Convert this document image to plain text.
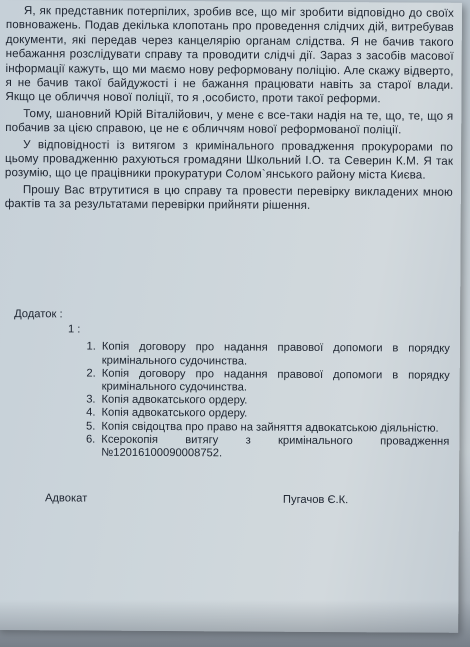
Я, як представник потерпілих, зробив все, що міг зробити відповідно до своїх повноважень. Подав декілька клопотань про проведення слідчих дій, витребував документи, які передав через канцелярію органам слідства. Я не бачив такого небажання розслідувати справу та проводити слідчі дії. Зараз з засобів масової інформації кажуть, що ми маємо нову реформовану поліцію. Але скажу відверто, я не бачив такої байдужості і не бажання працювати навіть за старої влади. Якщо це обличчя нової поліції, то я ,особисто, проти такої реформи.

Тому, шановний Юрій Віталійович, у мене є все-таки надія на те, що, те, що я побачив за цією справою, це не є обличчям нової реформованої поліції.

У відповідності із витягом з кримінального провадження прокурорами по цьому провадженню рахуються громадяни Школьний І.О. та Северин К.М. Я так розумію, що це працівники прокуратури Солом`янського району міста Києва.

Прошу Вас втрутитися в цю справу та провести перевірку викладених мною фактів та за результатами перевірки прийняти рішення.

Додаток :
1 :
1. Копія договору про надання правової допомоги в порядку кримінального судочинства.
2. Копія договору про надання правової допомоги в порядку кримінального судочинства.
3. Копія адвокатського ордеру.
4. Копія адвокатського ордеру.
5. Копія свідоцтва про право на зайняття адвокатською діяльністю.
6. Ксерокопія витягу з кримінального провадження №12016100090008752.
Адвокат	Пугачов Є.К.
